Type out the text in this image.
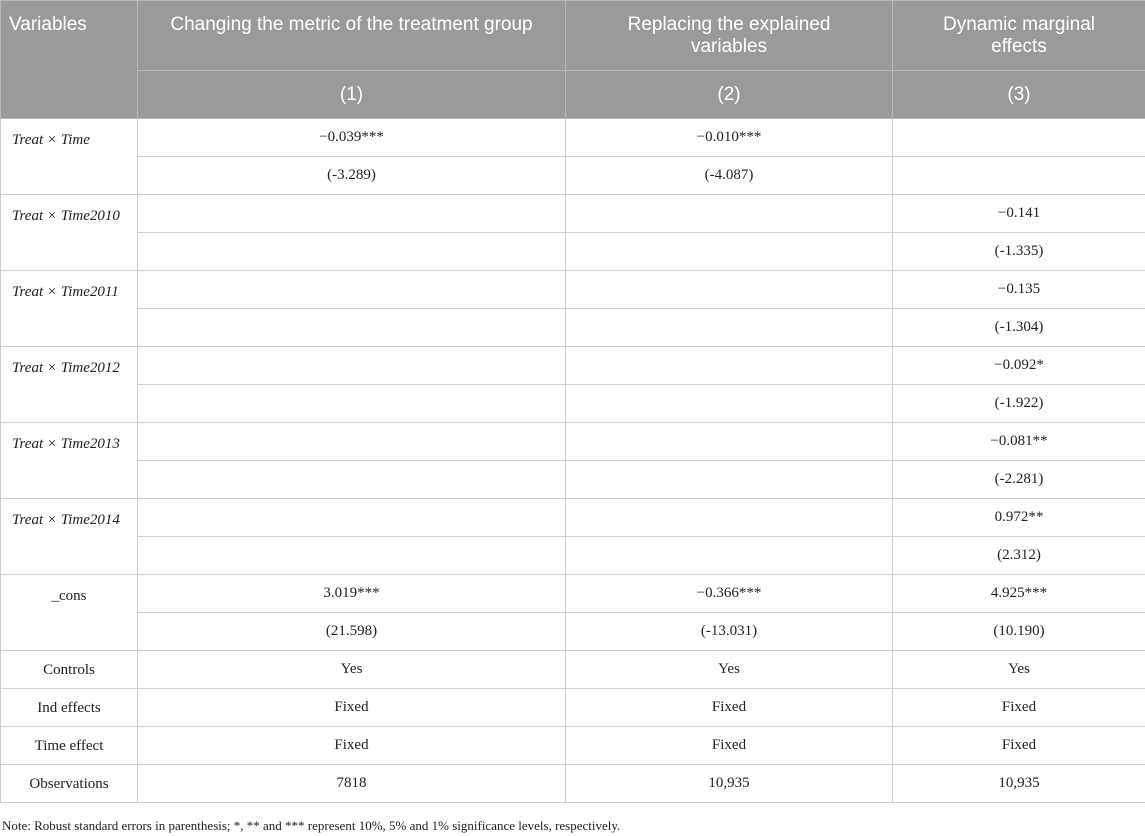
Variables	Changing the metric of the treatment group	Replacing the explained variables	Dynamic marginal effects
	(1)	(2)	(3)
Treat × Time	−0.039***	−0.010***	
	(-3.289)	(-4.087)	
Treat × Time2010			−0.141
			(-1.335)
Treat × Time2011			−0.135
			(-1.304)
Treat × Time2012			−0.092*
			(-1.922)
Treat × Time2013			−0.081**
			(-2.281)
Treat × Time2014			0.972**
			(2.312)
_cons	3.019***	−0.366***	4.925***
	(21.598)	(-13.031)	(10.190)
Controls	Yes	Yes	Yes
Ind effects	Fixed	Fixed	Fixed
Time effect	Fixed	Fixed	Fixed
Observations	7818	10,935	10,935
Note: Robust standard errors in parenthesis; *, ** and *** represent 10%, 5% and 1% significance levels, respectively.
